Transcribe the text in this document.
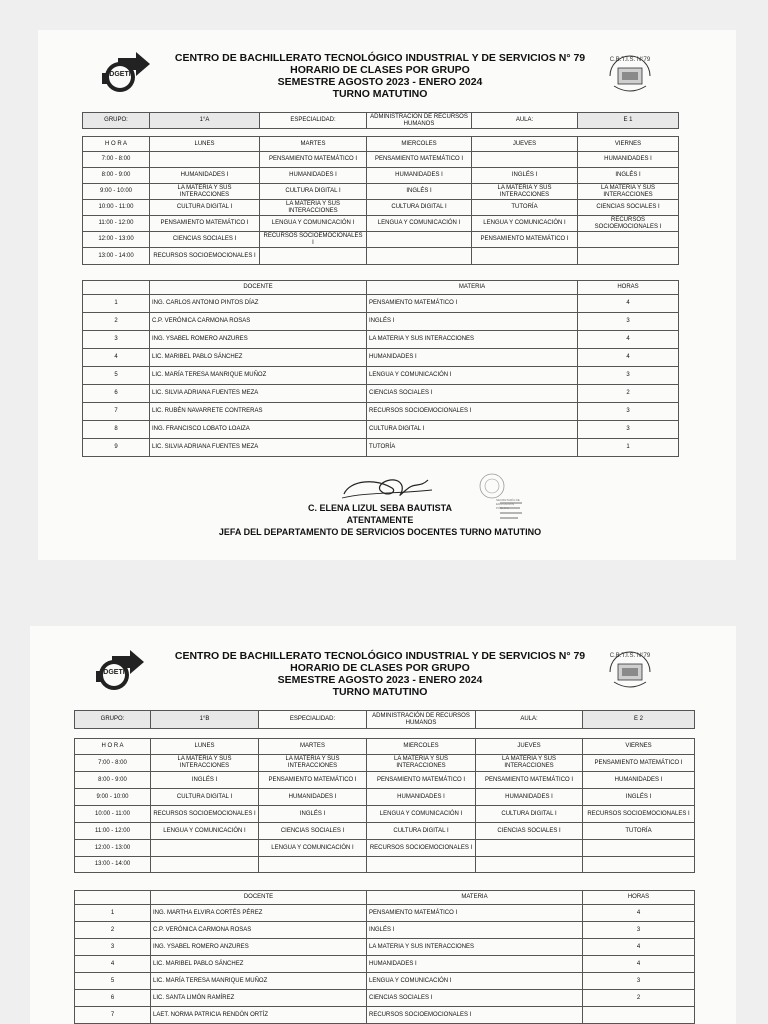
DGETI
CENTRO DE BACHILLERATO TECNOLÓGICO INDUSTRIAL Y DE SERVICIOS N° 79
HORARIO DE CLASES POR GRUPO
SEMESTRE AGOSTO 2023 - ENERO 2024
TURNO MATUTINO
C.B.T.I.S. N°79
GRUPO:	1°A	ESPECIALIDAD:	ADMINISTRACIÓN DE RECURSOS HUMANOS	AULA:	E 1

H O R A	LUNES	MARTES	MIERCOLES	JUEVES	VIERNES
7:00 - 8:00		PENSAMIENTO MATEMÁTICO I	PENSAMIENTO MATEMÁTICO I		HUMANIDADES I
8:00 - 9:00	HUMANIDADES I	HUMANIDADES I	HUMANIDADES I	INGLÉS I	INGLÉS I
9:00 - 10:00	LA MATERIA Y SUS INTERACCIONES	CULTURA DIGITAL I	INGLÉS I	LA MATERIA Y SUS INTERACCIONES	LA MATERIA Y SUS INTERACCIONES
10:00 - 11:00	CULTURA DIGITAL I	LA MATERIA Y SUS INTERACCIONES	CULTURA DIGITAL I	TUTORÍA	CIENCIAS SOCIALES I
11:00 - 12:00	PENSAMIENTO MATEMÁTICO I	LENGUA Y COMUNICACIÓN I	LENGUA Y COMUNICACIÓN I	LENGUA Y COMUNICACIÓN I	RECURSOS SOCIOEMOCIONALES I
12:00 - 13:00	CIENCIAS SOCIALES I	RECURSOS SOCIOEMOCIONALES I		PENSAMIENTO MATEMÁTICO I	
13:00 - 14:00	RECURSOS SOCIOEMOCIONALES I				

	DOCENTE		MATERIA		HORAS
1	ING. CARLOS ANTONIO PINTOS DÍAZ		PENSAMIENTO MATEMÁTICO I		4
2	C.P. VERÓNICA CARMONA ROSAS		INGLÉS I		3
3	ING. YSABEL ROMERO ANZURES		LA MATERIA Y SUS INTERACCIONES		4
4	LIC. MARIBEL PABLO SÁNCHEZ		HUMANIDADES I		4
5	LIC. MARÍA TERESA MANRIQUE MUÑOZ		LENGUA Y COMUNICACIÓN I		3
6	LIC. SILVIA ADRIANA FUENTES MEZA		CIENCIAS SOCIALES I		2
7	LIC. RUBÉN NAVARRETE CONTRERAS		RECURSOS SOCIOEMOCIONALES I		3
8	ING. FRANCISCO LOBATO LOAIZA		CULTURA DIGITAL I		3
9	LIC. SILVIA ADRIANA FUENTES MEZA		TUTORÍA		1
SECRETARÍA DE EDUCACIÓN PÚBLICA
C. ELENA LIZUL SEBA BAUTISTA
ATENTAMENTE
JEFA DEL DEPARTAMENTO DE SERVICIOS DOCENTES TURNO MATUTINO
DGETI
CENTRO DE BACHILLERATO TECNOLÓGICO INDUSTRIAL Y DE SERVICIOS N° 79
HORARIO DE CLASES POR GRUPO
SEMESTRE AGOSTO 2023 - ENERO 2024
TURNO MATUTINO
C.B.T.I.S. N°79
GRUPO:	1°B	ESPECIALIDAD:	ADMINISTRACIÓN DE RECURSOS HUMANOS	AULA:	E 2

H O R A	LUNES	MARTES	MIERCOLES	JUEVES	VIERNES
7:00 - 8:00	LA MATERIA Y SUS INTERACCIONES	LA MATERIA Y SUS INTERACCIONES	LA MATERIA Y SUS INTERACCIONES	LA MATERIA Y SUS INTERACCIONES	PENSAMIENTO MATEMÁTICO I
8:00 - 9:00	INGLÉS I	PENSAMIENTO MATEMÁTICO I	PENSAMIENTO MATEMÁTICO I	PENSAMIENTO MATEMÁTICO I	HUMANIDADES I
9:00 - 10:00	CULTURA DIGITAL I	HUMANIDADES I	HUMANIDADES I	HUMANIDADES I	INGLÉS I
10:00 - 11:00	RECURSOS SOCIOEMOCIONALES I	INGLÉS I	LENGUA Y COMUNICACIÓN I	CULTURA DIGITAL I	RECURSOS SOCIOEMOCIONALES I
11:00 - 12:00	LENGUA Y COMUNICACIÓN I	CIENCIAS SOCIALES I	CULTURA DIGITAL I	CIENCIAS SOCIALES I	TUTORÍA
12:00 - 13:00		LENGUA Y COMUNICACIÓN I	RECURSOS SOCIOEMOCIONALES I		
13:00 - 14:00					

	DOCENTE		MATERIA		HORAS
1	ING. MARTHA ELVIRA CORTÉS PÉREZ		PENSAMIENTO MATEMÁTICO I		4
2	C.P. VERÓNICA CARMONA ROSAS		INGLÉS I		3
3	ING. YSABEL ROMERO ANZURES		LA MATERIA Y SUS INTERACCIONES		4
4	LIC. MARIBEL PABLO SÁNCHEZ		HUMANIDADES I		4
5	LIC. MARÍA TERESA MANRIQUE MUÑOZ		LENGUA Y COMUNICACIÓN I		3
6	LIC. SANTA LIMÓN RAMÍREZ		CIENCIAS SOCIALES I		2
7	LAET. NORMA PATRICIA RENDÓN ORTÍZ		RECURSOS SOCIOEMOCIONALES I		
